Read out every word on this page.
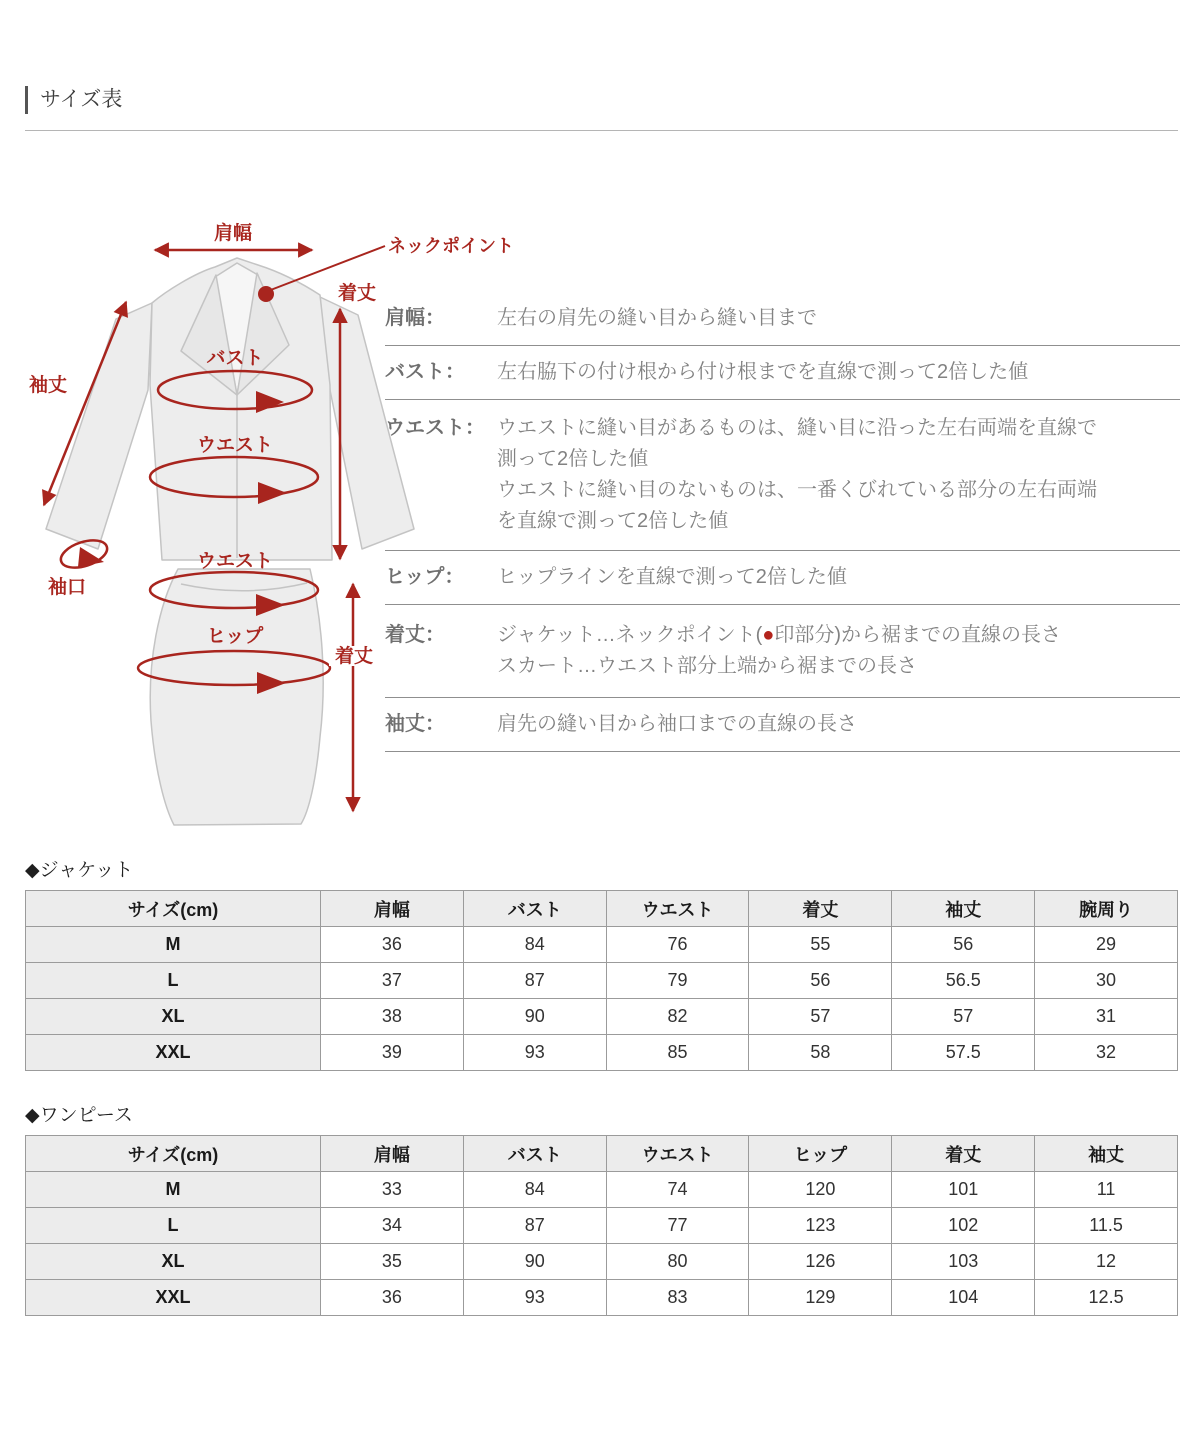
サイズ表
肩幅
ネックポイント
着丈
袖丈
バスト
ウエスト
袖口
ウエスト
ヒップ
着丈
肩幅：	左右の肩先の縫い目から縫い目まで
バスト：	左右脇下の付け根から付け根までを直線で測って2倍した値
ウエスト： ウエストに縫い目があるものは、縫い目に沿った左右両端を直線で
測って2倍した値
ウエストに縫い目のないものは、一番くびれている部分の左右両端
を直線で測って2倍した値
ヒップ：	ヒップラインを直線で測って2倍した値
着丈：	ジャケット…ネックポイント(●印部分)から裾までの直線の長さ
スカート…ウエスト部分上端から裾までの長さ
袖丈：	肩先の縫い目から袖口までの直線の長さ

◆ジャケット

サイズ(cm)	肩幅	バスト	ウエスト	着丈	袖丈	腕周り
M	36	84	76	55	56	29
L	37	87	79	56	56.5	30
XL	38	90	82	57	57	31
XXL	39	93	85	58	57.5	32

◆ワンピース

サイズ(cm)	肩幅	バスト	ウエスト	ヒップ	着丈	袖丈
M	33	84	74	120	101	11
L	34	87	77	123	102	11.5
XL	35	90	80	126	103	12
XXL	36	93	83	129	104	12.5
